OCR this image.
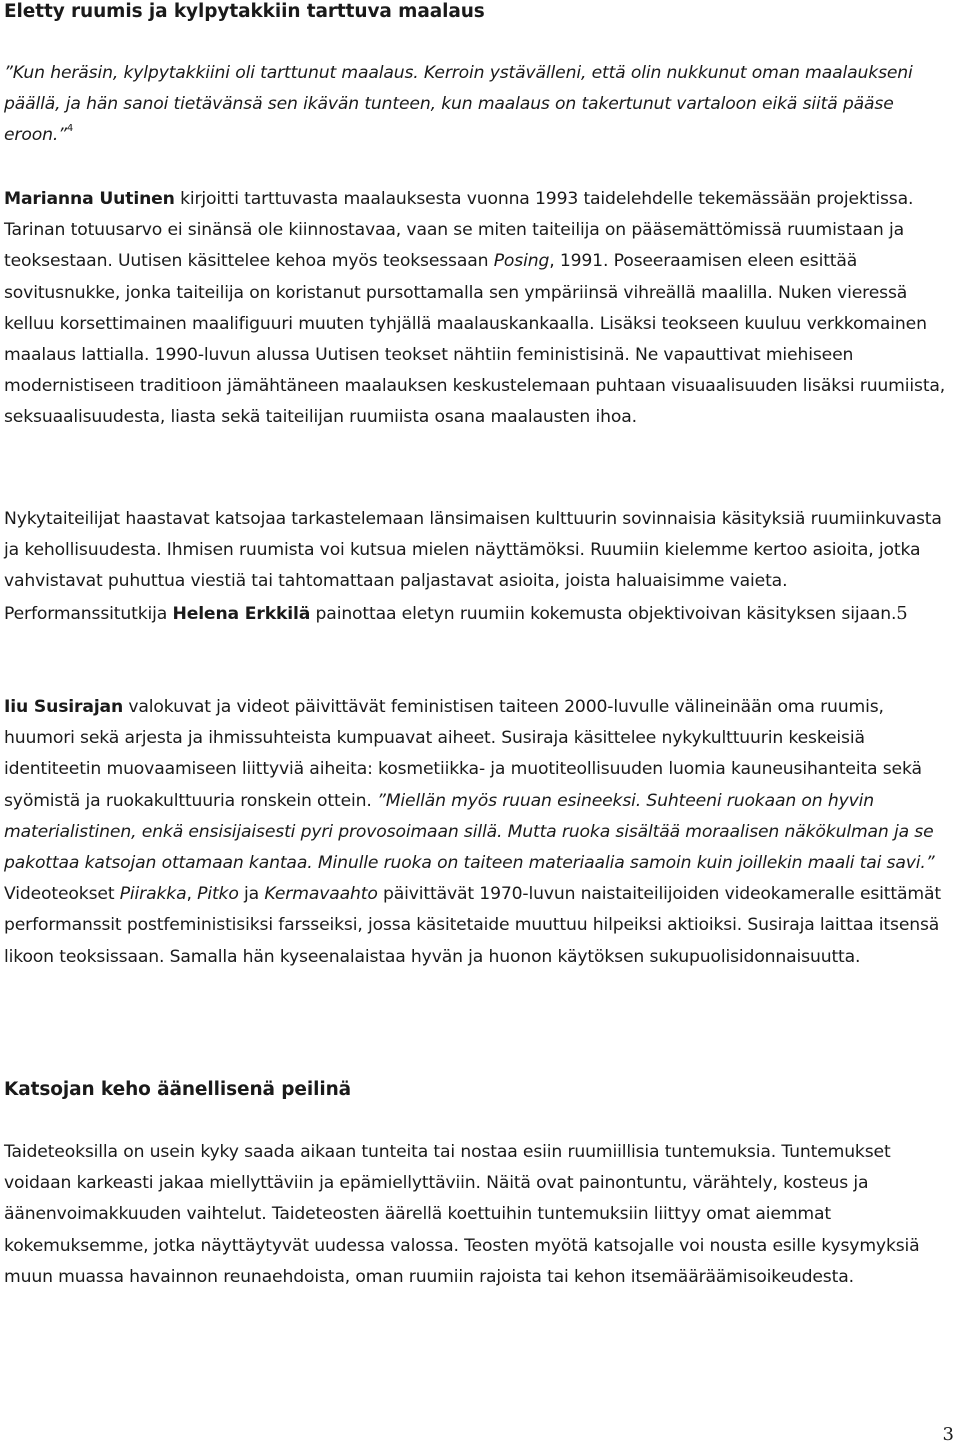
Eletty ruumis ja kylpytakkiin tarttuva maalaus

”Kun heräsin, kylpytakkiini oli tarttunut maalaus. Kerroin ystävälleni, että olin nukkunut oman maalaukseni päällä, ja hän sanoi tietävänsä sen ikävän tunteen, kun maalaus on takertunut vartaloon eikä siitä pääse eroon.”$^4$

Marianna Uutinen kirjoitti tarttuvasta maalauksesta vuonna 1993 taidelehdelle tekemässään projektissa. Tarinan totuusarvo ei sinänsä ole kiinnostavaa, vaan se miten taiteilija on pääsemättömissä ruumistaan ja teoksestaan. Uutisen käsittelee kehoa myös teoksessaan Posing, 1991. Poseeraamisen eleen esittää sovitusnukke, jonka taiteilija on koristanut pursottamalla sen ympäriinsä vihreällä maalilla. Nuken vieressä kelluu korsettimainen maalifiguuri muuten tyhjällä maalauskankaalla. Lisäksi teokseen kuuluu verkkomainen maalaus lattialla. 1990-luvun alussa Uutisen teokset nähtiin feministisinä. Ne vapauttivat miehiseen modernistiseen traditioon jämähtäneen maalauksen keskustelemaan puhtaan visuaalisuuden lisäksi ruumiista, seksuaalisuudesta, liasta sekä taiteilijan ruumiista osana maalausten ihoa.

Nykytaiteilijat haastavat katsojaa tarkastelemaan länsimaisen kulttuurin sovinnaisia käsityksiä ruumiinkuvasta ja kehollisuudesta. Ihmisen ruumista voi kutsua mielen näyttämöksi. Ruumiin kielemme kertoo asioita, jotka vahvistavat puhuttua viestiä tai tahtomattaan paljastavat asioita, joista haluaisimme vaieta. Performanssitutkija Helena Erkkilä painottaa eletyn ruumiin kokemusta objektivoivan käsityksen sijaan.5

Iiu Susirajan valokuvat ja videot päivittävät feministisen taiteen 2000-luvulle välineinään oma ruumis, huumori sekä arjesta ja ihmissuhteista kumpuavat aiheet. Susiraja käsittelee nykykulttuurin keskeisiä identiteetin muovaamiseen liittyviä aiheita: kosmetiikka- ja muotiteollisuuden luomia kauneusihanteita sekä syömistä ja ruokakulttuuria ronskein ottein. ”Miellän myös ruuan esineeksi. Suhteeni ruokaan on hyvin materialistinen, enkä ensisijaisesti pyri provosoimaan sillä. Mutta ruoka sisältää moraalisen näkökulman ja se pakottaa katsojan ottamaan kantaa. Minulle ruoka on taiteen materiaalia samoin kuin joillekin maali tai savi.” Videoteokset Piirakka, Pitko ja Kermavaahto päivittävät 1970-luvun naistaiteilijoiden videokameralle esittämät performanssit postfeministisiksi farsseiksi, jossa käsitetaide muuttuu hilpeiksi aktioiksi. Susiraja laittaa itsensä likoon teoksissaan. Samalla hän kyseenalaistaa hyvän ja huonon käytöksen sukupuolisidonnaisuutta.

Katsojan keho äänellisenä peilinä

Taideteoksilla on usein kyky saada aikaan tunteita tai nostaa esiin ruumiillisia tuntemuksia. Tuntemukset voidaan karkeasti jakaa miellyttäviin ja epämiellyttäviin. Näitä ovat painontuntu, värähtely, kosteus ja äänenvoimakkuuden vaihtelut. Taideteosten äärellä koettuihin tuntemuksiin liittyy omat aiemmat kokemuksemme, jotka näyttäytyvät uudessa valossa. Teosten myötä katsojalle voi nousta esille kysymyksiä muun muassa havainnon reunaehdoista, oman ruumiin rajoista tai kehon itsemääräämisoikeudesta.

3
